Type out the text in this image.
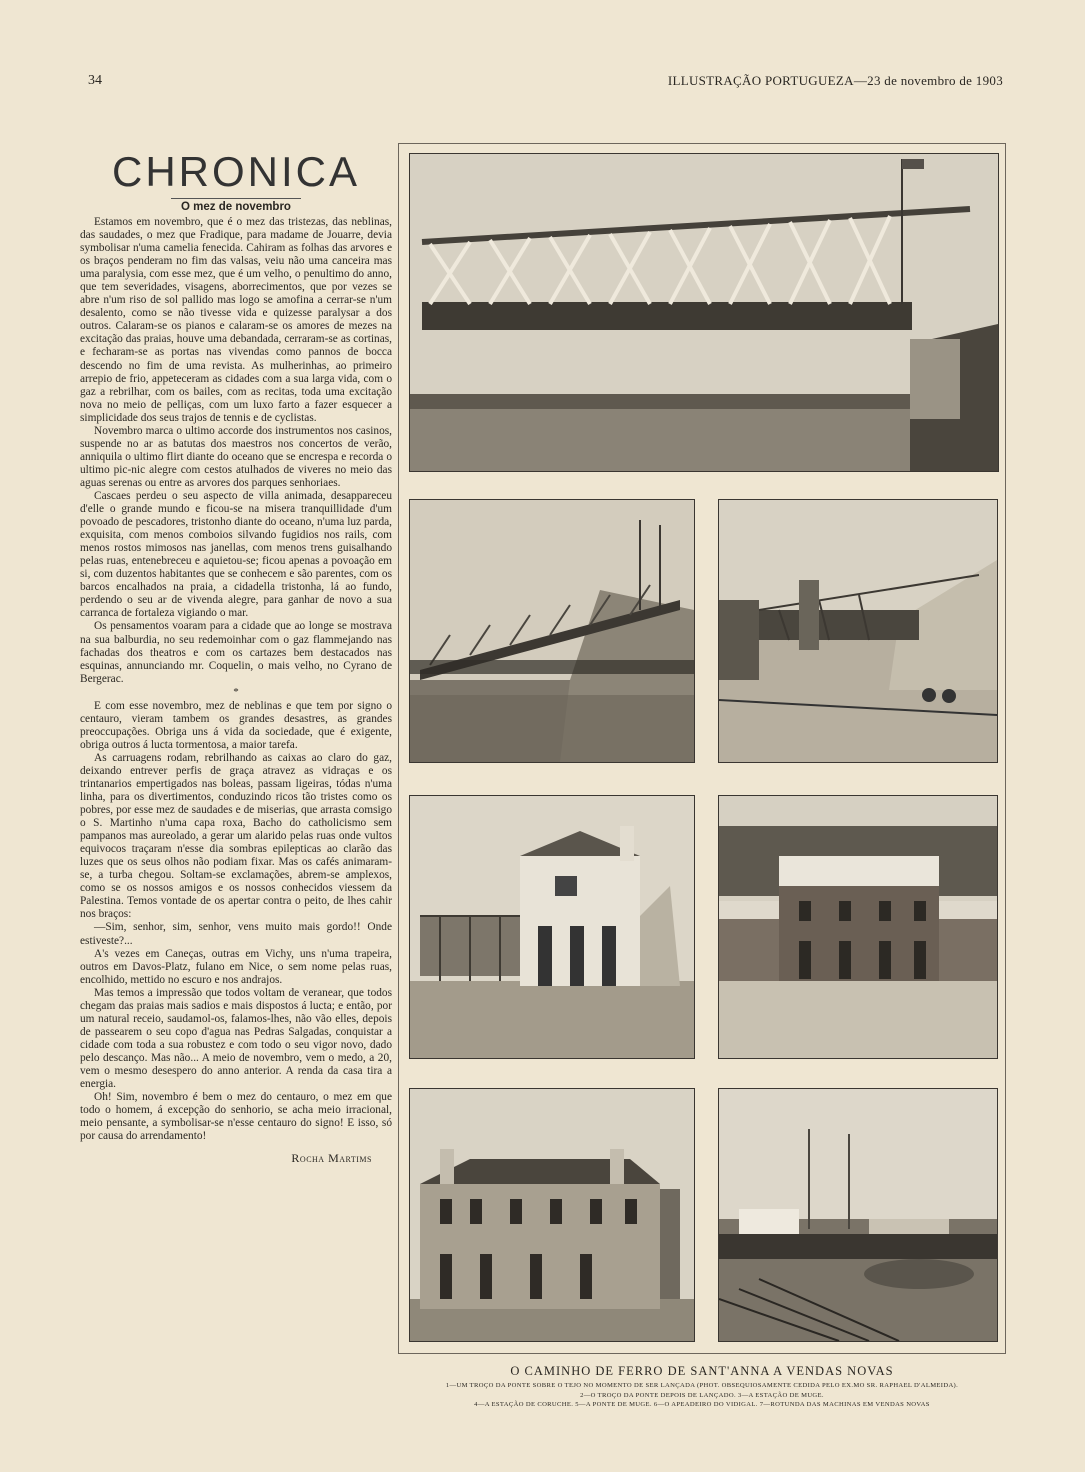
34	ILLUSTRAÇÃO PORTUGUEZA—23 de novembro de 1903
CHRONICA
O mez de novembro

Estamos em novembro, que é o mez das tristezas, das neblinas, das saudades, o mez que Fradique, para madame de Jouarre, devia symbolisar n'uma camelia fenecida. Cahiram as folhas das arvores e os braços penderam no fim das valsas, veiu não uma canceira mas uma paralysia, com esse mez, que é um velho, o penultimo do anno, que tem severidades, visagens, aborrecimentos, que por vezes se abre n'um riso de sol pallido mas logo se amofina a cerrar-se n'um desalento, como se não tivesse vida e quizesse paralysar a dos outros. Calaram-se os pianos e calaram-se os amores de mezes na excitação das praias, houve uma debandada, cerraram-se as cortinas, e fecharam-se as portas nas vivendas como pannos de bocca descendo no fim de uma revista. As mulherinhas, ao primeiro arrepio de frio, appeteceram as cidades com a sua larga vida, com o gaz a rebrilhar, com os bailes, com as recitas, toda uma excitação nova no meio de pelliças, com um luxo farto a fazer esquecer a simplicidade dos seus trajos de tennis e de cyclistas.

Novembro marca o ultimo accorde dos instrumentos nos casinos, suspende no ar as batutas dos maestros nos concertos de verão, anniquila o ultimo flirt diante do oceano que se encrespa e recorda o ultimo pic-nic alegre com cestos atulhados de viveres no meio das aguas serenas ou entre as arvores dos parques senhoriaes.

Cascaes perdeu o seu aspecto de villa animada, desappareceu d'elle o grande mundo e ficou-se na misera tranquillidade d'um povoado de pescadores, tristonho diante do oceano, n'uma luz parda, exquisita, com menos comboios silvando fugidios nos rails, com menos rostos mimosos nas janellas, com menos trens guisalhando pelas ruas, entenebreceu e aquietou-se; ficou apenas a povoação em si, com duzentos habitantes que se conhecem e são parentes, com os barcos encalhados na praia, a cidadella tristonha, lá ao fundo, perdendo o seu ar de vivenda alegre, para ganhar de novo a sua carranca de fortaleza vigiando o mar.

Os pensamentos voaram para a cidade que ao longe se mostrava na sua balburdia, no seu redemoinhar com o gaz flammejando nas fachadas dos theatros e com os cartazes bem destacados nas esquinas, annunciando mr. Coquelin, o mais velho, no Cyrano de Bergerac.

*

E com esse novembro, mez de neblinas e que tem por signo o centauro, vieram tambem os grandes desastres, as grandes preoccupações. Obriga uns á vida da sociedade, que é exigente, obriga outros á lucta tormentosa, a maior tarefa.

As carruagens rodam, rebrilhando as caixas ao claro do gaz, deixando entrever perfis de graça atravez as vidraças e os trintanarios empertigados nas boleas, passam ligeiras, tódas n'uma linha, para os divertimentos, conduzindo ricos tão tristes como os pobres, por esse mez de saudades e de miserias, que arrasta comsigo o S. Martinho n'uma capa roxa, Bacho do catholicismo sem pampanos mas aureolado, a gerar um alarido pelas ruas onde vultos equivocos traçaram n'esse dia sombras epilepticas ao clarão das luzes que os seus olhos não podiam fixar. Mas os cafés animaram-se, a turba chegou. Soltam-se exclamações, abrem-se amplexos, como se os nossos amigos e os nossos conhecidos viessem da Palestina. Temos vontade de os apertar contra o peito, de lhes cahir nos braços:

—Sim, senhor, sim, senhor, vens muito mais gordo!! Onde estiveste?...

A's vezes em Caneças, outras em Vichy, uns n'uma trapeira, outros em Davos-Platz, fulano em Nice, o sem nome pelas ruas, encolhido, mettido no escuro e nos andrajos.

Mas temos a impressão que todos voltam de veranear, que todos chegam das praias mais sadios e mais dispostos á lucta; e então, por um natural receio, saudamol-os, falamos-lhes, não vão elles, depois de passearem o seu copo d'agua nas Pedras Salgadas, conquistar a cidade com toda a sua robustez e com todo o seu vigor novo, dado pelo descanço. Mas não... A meio de novembro, vem o medo, a 20, vem o mesmo desespero do anno anterior. A renda da casa tira a energia.

Oh! Sim, novembro é bem o mez do centauro, o mez em que todo o homem, á excepção do senhorio, se acha meio irracional, meio pensante, a symbolisar-se n'esse centauro do signo! E isso, só por causa do arrendamento!

Rocha Martims

O CAMINHO DE FERRO DE SANT'ANNA A VENDAS NOVAS

1—UM TROÇO DA PONTE SOBRE O TEJO NO MOMENTO DE SER LANÇADA (PHOT. OBSEQUIOSAMENTE CEDIDA PELO EX.MO SR. RAPHAEL D'ALMEIDA).

2—O TROÇO DA PONTE DEPOIS DE LANÇADO. 3—A ESTAÇÃO DE MUGE.

4—A ESTAÇÃO DE CORUCHE. 5—A PONTE DE MUGE. 6—O APEADEIRO DO VIDIGAL. 7—ROTUNDA DAS MACHINAS EM VENDAS NOVAS
